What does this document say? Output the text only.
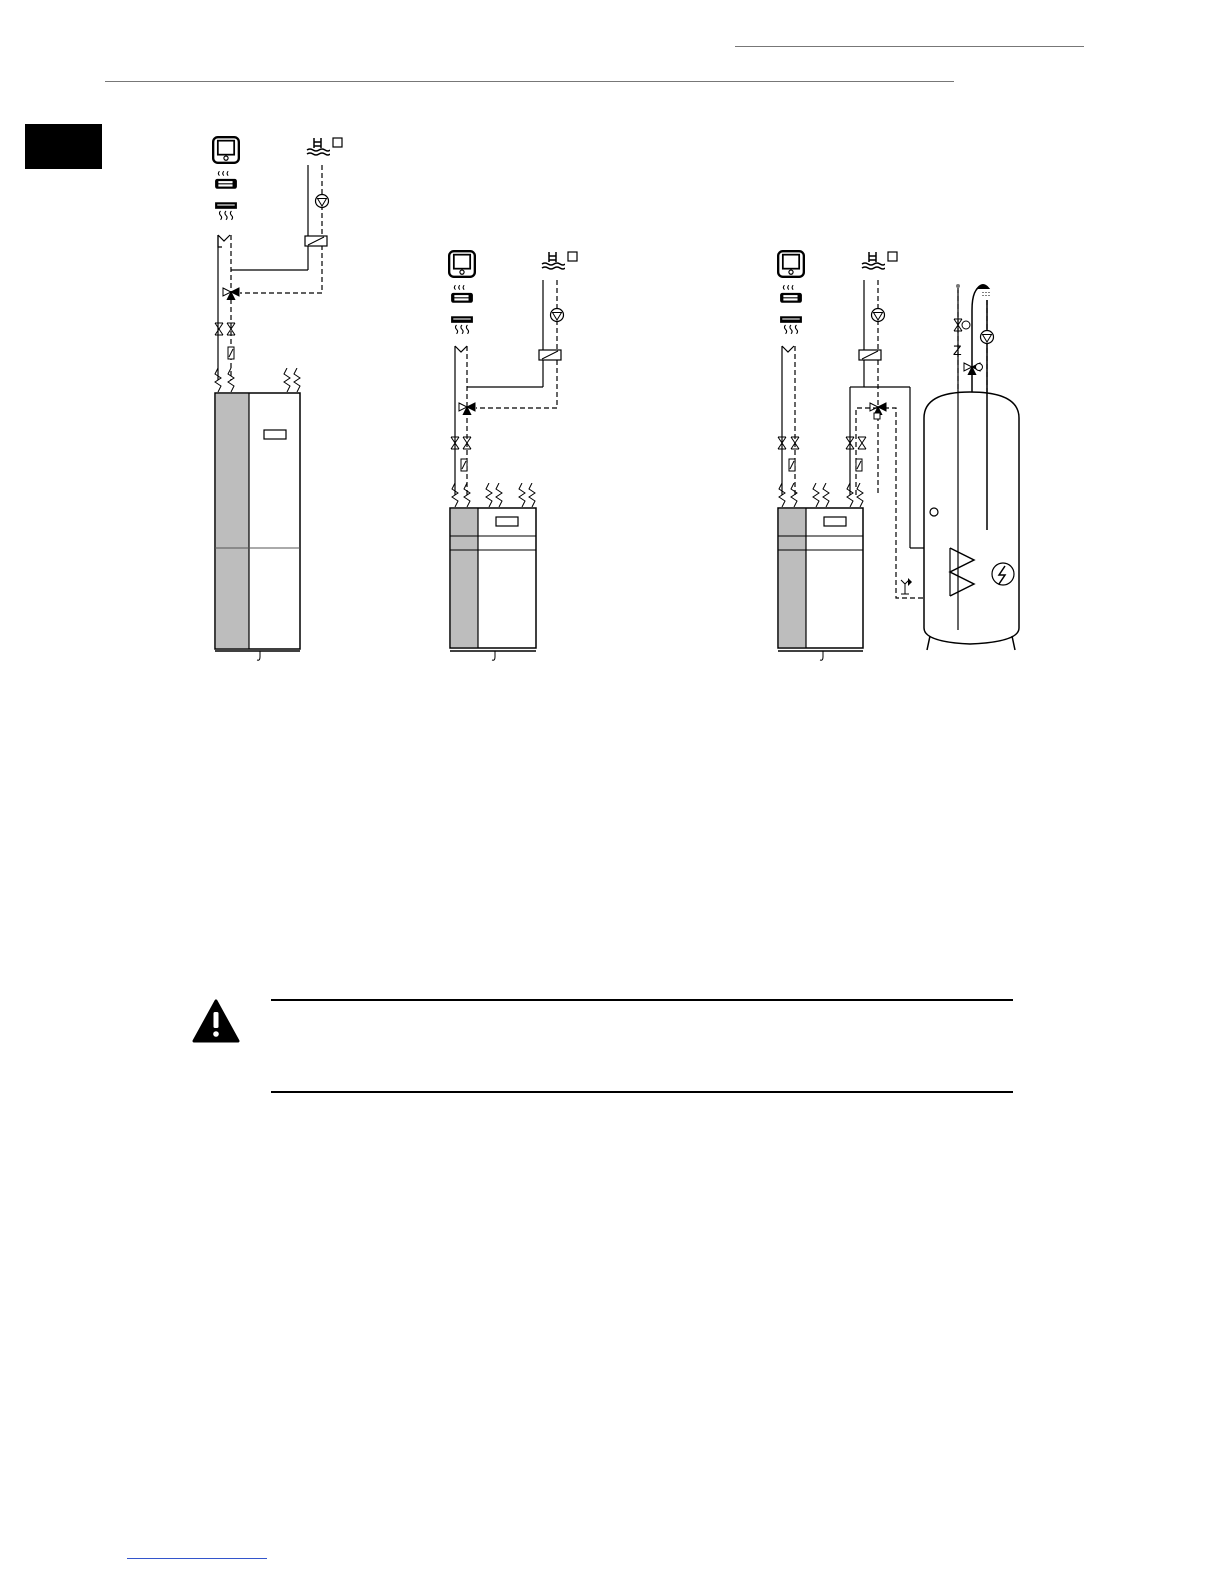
Z
